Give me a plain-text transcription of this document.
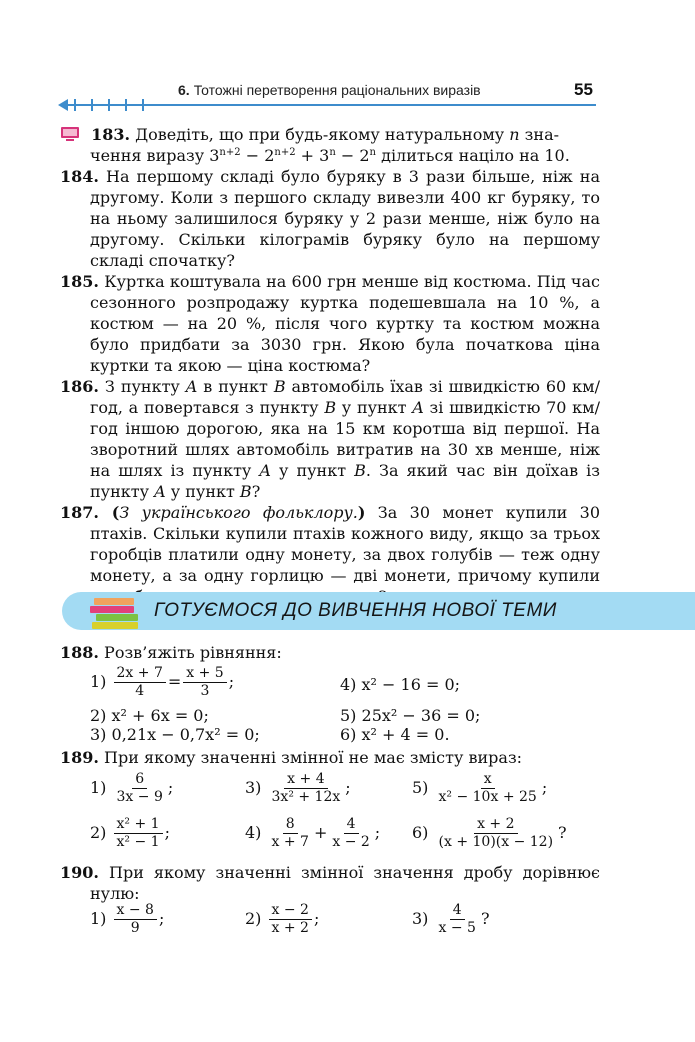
6. Тотожні перетворення раціональних виразів	55
183. Доведіть, що при будь-якому натуральному n зна-
чення виразу $3^{n+2} - 2^{n+2} + 3^n - 2^n$ ділиться націло на 10.
184. На першому складі було буряку в 3 рази більше, ніж на другому. Коли з першого складу вивезли 400 кг буряку, то на ньому залишилося буряку у 2 рази менше, ніж було на другому. Скільки кілограмів буряку було на першому складі спочатку?
185. Куртка коштувала на 600 грн менше від костюма. Під час сезонного розпродажу куртка подешевшала на 10 %, а костюм — на 20 %, після чого куртку та костюм можна було придбати за 3030 грн. Якою була початкова ціна куртки та якою — ціна костюма?
186. З пункту A в пункт B автомобіль їхав зі швидкістю 60 км/год, а повертався з пункту B у пункт A зі швидкістю 70 км/год іншою дорогою, яка на 15 км коротша від першої. На зворотний шлях автомобіль витратив на 30 хв менше, ніж на шлях із пункту A у пункт B. За який час він доїхав із пункту A у пункт B?
187. (З українського фольклору.) За 30 монет купили 30 птахів. Скільки купили птахів кожного виду, якщо за трьох горобців платили одну монету, за двох голубів — теж одну монету, а за одну горлицю — дві монети, причому купили
ГОТУЄМОСЯ ДО ВИВЧЕННЯ НОВОЇ ТЕМИ
188. Розв’яжіть рівняння:
$1) \frac{2x + 7}{4} = \frac{x + 5}{3}$ ;	4) x² − 16 = 0;
2) x² + 6x = 0;	5) 25x² − 36 = 0;
3) 0,21x − 0,7x² = 0;	6) x² + 4 = 0.
189. При якому значенні змінної не має змісту вираз:
$1) \frac{6}{3x - 9}$ ;	$3) \frac{x + 4}{\text{3x² + 12x}}$ ;	$5) \frac{x}{\text{x² − 10x + 25}}$ ;
$2) \frac{\text{x² + 1}}{\text{x² − 1}}$ ;	$4) \frac{8}{x + 7} + \frac{4}{x - 2}$ ; $6) \frac{x + 2}{(x + 10)(x - 12)}$ ?
190. При якому значенні змінної значення дробу дорівнює нулю:
$1) \frac{x - 8}{9}$ ;	$2) \frac{x - 2}{x + 2}$ ;	$3) \frac{4}{x - 5}$ ?
